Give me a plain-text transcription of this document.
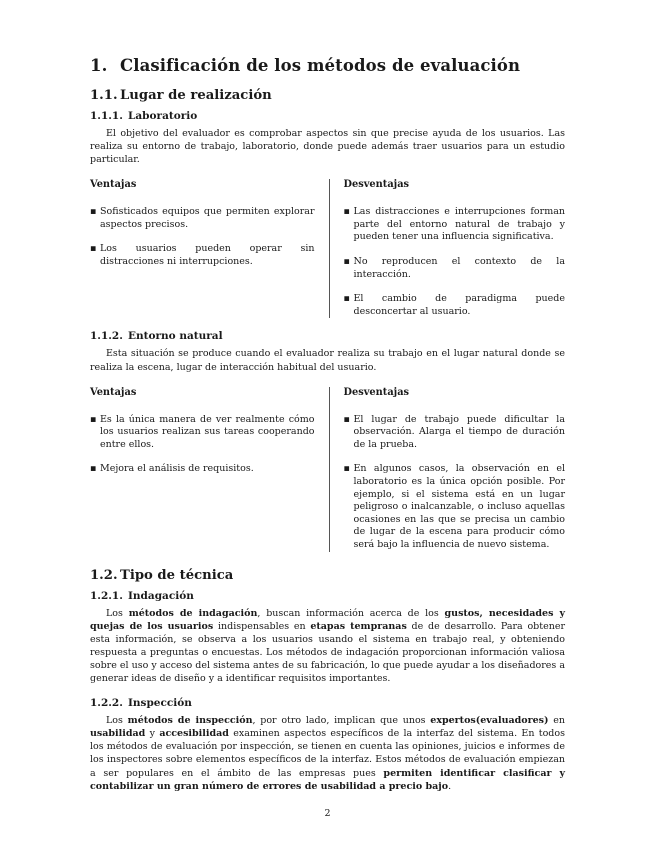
1. Clasificación de los métodos de evaluación
1.1. Lugar de realización
1.1.1. Laboratorio

El objetivo del evaluador es comprobar aspectos sin que precise ayuda de los usuarios. Las realiza su entorno de trabajo, laboratorio, donde puede además traer usuarios para un estudio particular.

Ventajas
▪ Sofisticados equipos que permiten explorar aspectos precisos.
▪ Los usuarios pueden operar sin distracciones ni interrupciones.
Desventajas
▪ Las distracciones e interrupciones forman parte del entorno natural de trabajo y pueden tener una influencia significativa.
▪ No reproducen el contexto de la interacción.
▪ El cambio de paradigma puede desconcertar al usuario.
1.1.2. Entorno natural

Esta situación se produce cuando el evaluador realiza su trabajo en el lugar natural donde se realiza la escena, lugar de interacción habitual del usuario.

Ventajas
▪ Es la única manera de ver realmente cómo los usuarios realizan sus tareas cooperando entre ellos.
▪ Mejora el análisis de requisitos.
Desventajas
▪ El lugar de trabajo puede dificultar la observación. Alarga el tiempo de duración de la prueba.
▪ En algunos casos, la observación en el laboratorio es la única opción posible. Por ejemplo, si el sistema está en un lugar peligroso o inalcanzable, o incluso aquellas ocasiones en las que se precisa un cambio de lugar de la escena para producir cómo será bajo la influencia de nuevo sistema.
1.2. Tipo de técnica
1.2.1. Indagación

Los métodos de indagación, buscan información acerca de los gustos, necesidades y quejas de los usuarios indispensables en etapas tempranas de de desarrollo. Para obtener esta información, se observa a los usuarios usando el sistema en trabajo real, y obteniendo respuesta a preguntas o encuestas. Los métodos de indagación proporcionan información valiosa sobre el uso y acceso del sistema antes de su fabricación, lo que puede ayudar a los diseñadores a generar ideas de diseño y a identificar requisitos importantes.

1.2.2. Inspección

Los métodos de inspección, por otro lado, implican que unos expertos(evaluadores) en usabilidad y accesibilidad examinen aspectos específicos de la interfaz del sistema. En todos los métodos de evaluación por inspección, se tienen en cuenta las opiniones, juicios e informes de los inspectores sobre elementos específicos de la interfaz. Estos métodos de evaluación empiezan a ser populares en el ámbito de las empresas pues permiten identificar clasificar y contabilizar un gran número de errores de usabilidad a precio bajo.

2
